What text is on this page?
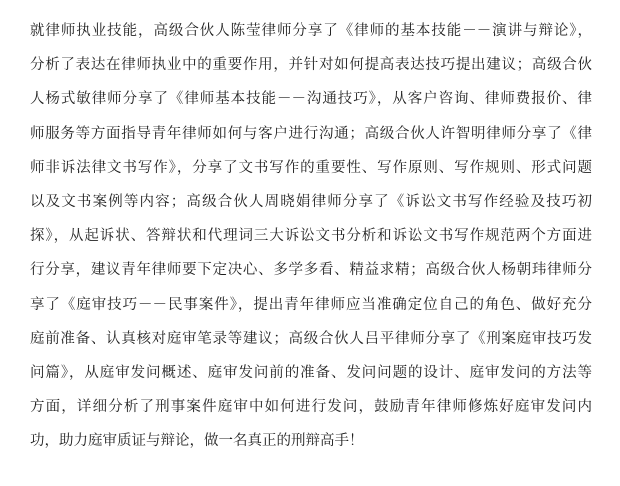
就律师执业技能，高级合伙人陈莹律师分享了《律师的基本技能－－演讲与辩论》，
分析了表达在律师执业中的重要作用，并针对如何提高表达技巧提出建议；高级合伙
人杨式敏律师分享了《律师基本技能－－沟通技巧》，从客户咨询、律师费报价、律
师服务等方面指导青年律师如何与客户进行沟通；高级合伙人许智明律师分享了《律
师非诉法律文书写作》，分享了文书写作的重要性、写作原则、写作规则、形式问题
以及文书案例等内容；高级合伙人周晓娟律师分享了《诉讼文书写作经验及技巧初
探》，从起诉状、答辩状和代理词三大诉讼文书分析和诉讼文书写作规范两个方面进
行分享，建议青年律师要下定决心、多学多看、精益求精；高级合伙人杨朝玮律师分
享了《庭审技巧－－民事案件》，提出青年律师应当准确定位自己的角色、做好充分
庭前准备、认真核对庭审笔录等建议；高级合伙人吕平律师分享了《刑案庭审技巧发
问篇》，从庭审发问概述、庭审发问前的准备、发问问题的设计、庭审发问的方法等
方面，详细分析了刑事案件庭审中如何进行发问，鼓励青年律师修炼好庭审发问内
功，助力庭审质证与辩论，做一名真正的刑辩高手！
